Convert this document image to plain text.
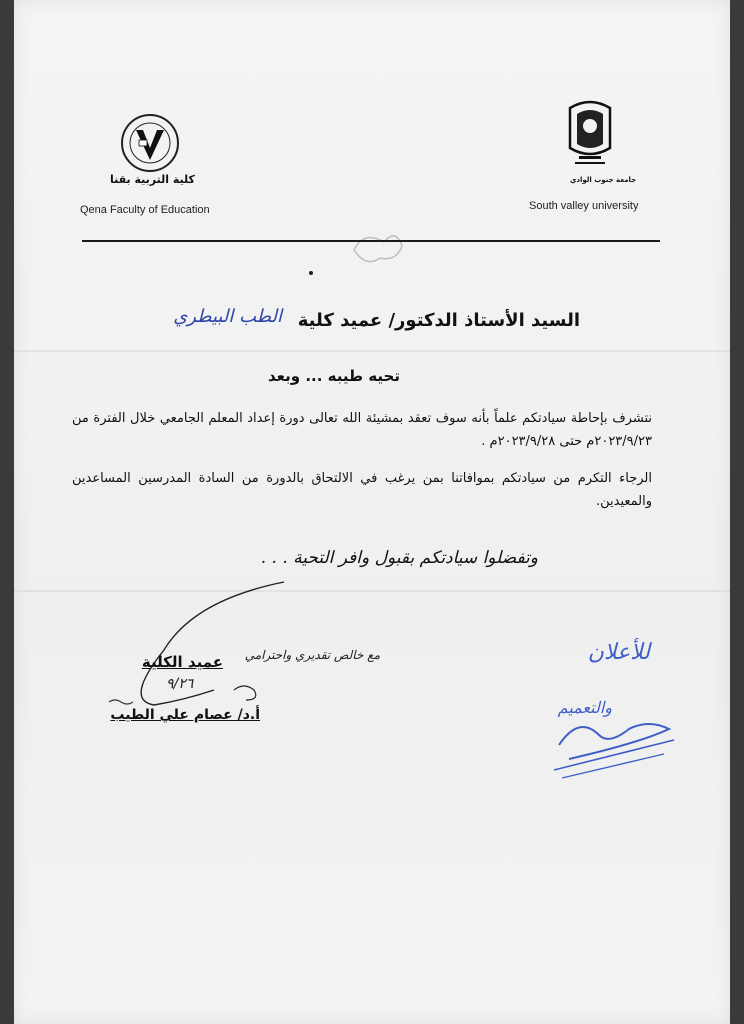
كلية التربية بقنا
Qena Faculty of Education
جامعة جنوب الوادي
South valley university
السيد الأستاذ الدكتور/ عميد كلية
الطب البيطري
تحيه طيبه ... وبعد
نتشرف بإحاطة سيادتكم علماً بأنه سوف تعقد بمشيئة الله تعالى دورة إعداد المعلم الجامعي خلال الفترة من ٢٠٢٣/٩/٢٣م حتى ٢٠٢٣/٩/٢٨م .
الرجاء التكرم من سيادتكم بموافاتنا بمن يرغب في الالتحاق بالدورة من السادة المدرسين المساعدين والمعيدين.
وتفضلوا سيادتكم بقبول وافر التحية . . .
مع خالص تقديري واحترامي
عميد الكلية
٩/٢٦
أ.د/ عصام علي الطيب
للأعلان
والتعميم
